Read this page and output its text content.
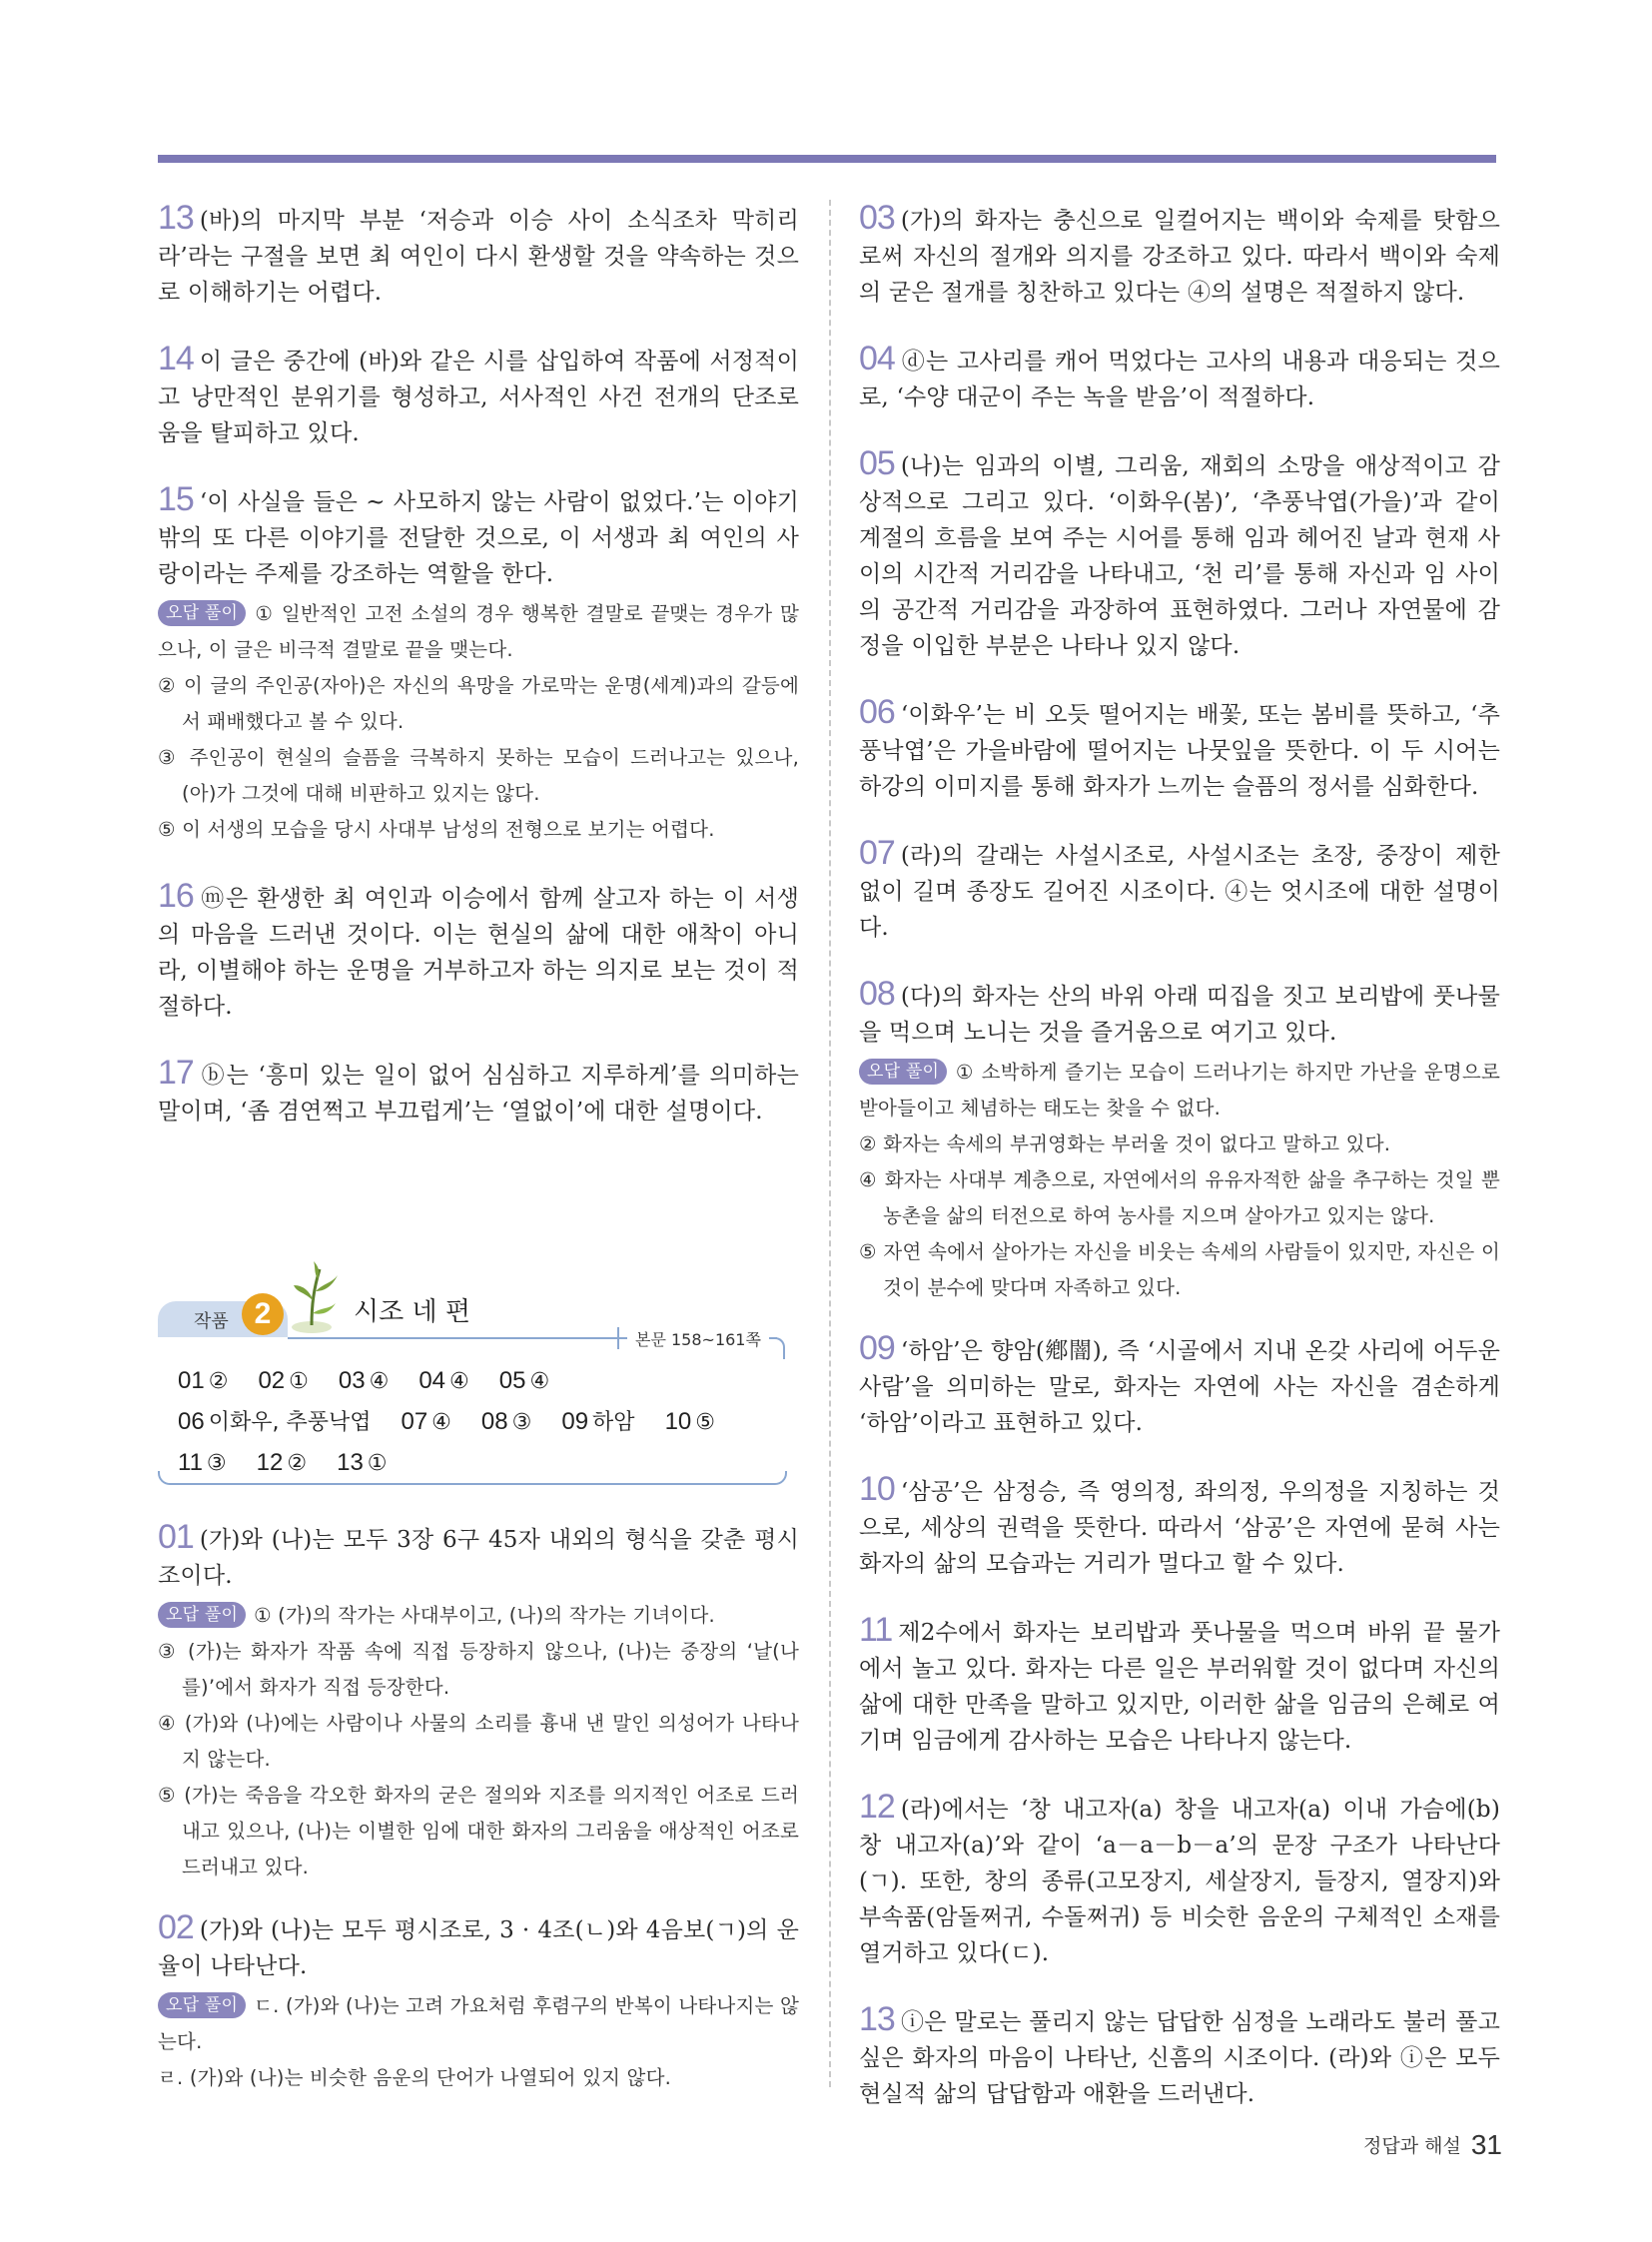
13 (바)의 마지막 부분 ‘저승과 이승 사이 소식조차 막히리라’라는 구절을 보면 최 여인이 다시 환생할 것을 약속하는 것으로 이해하기는 어렵다.
14 이 글은 중간에 (바)와 같은 시를 삽입하여 작품에 서정적이고 낭만적인 분위기를 형성하고, 서사적인 사건 전개의 단조로움을 탈피하고 있다.
15 ‘이 사실을 들은 ~ 사모하지 않는 사람이 없었다.’는 이야기 밖의 또 다른 이야기를 전달한 것으로, 이 서생과 최 여인의 사랑이라는 주제를 강조하는 역할을 한다.
오답 풀이 ① 일반적인 고전 소설의 경우 행복한 결말로 끝맺는 경우가 많으나, 이 글은 비극적 결말로 끝을 맺는다.
② 이 글의 주인공(자아)은 자신의 욕망을 가로막는 운명(세계)과의 갈등에서 패배했다고 볼 수 있다.
③ 주인공이 현실의 슬픔을 극복하지 못하는 모습이 드러나고는 있으나, (아)가 그것에 대해 비판하고 있지는 않다.
⑤ 이 서생의 모습을 당시 사대부 남성의 전형으로 보기는 어렵다.
16 ⓜ은 환생한 최 여인과 이승에서 함께 살고자 하는 이 서생의 마음을 드러낸 것이다. 이는 현실의 삶에 대한 애착이 아니라, 이별해야 하는 운명을 거부하고자 하는 의지로 보는 것이 적절하다.
17 ⓑ는 ‘흥미 있는 일이 없어 심심하고 지루하게’를 의미하는 말이며, ‘좀 겸연쩍고 부끄럽게’는 ‘열없이’에 대한 설명이다.
작품 2	시조 네 편
본문 158~161쪽
01 ② 02 ① 03 ④ 04 ④ 05 ④06 이화우, 추풍낙엽 07 ④ 08 ③ 09 하암 10 ⑤11 ③ 12 ② 13 ①
01 (가)와 (나)는 모두 3장 6구 45자 내외의 형식을 갖춘 평시조이다.
오답 풀이 ① (가)의 작가는 사대부이고, (나)의 작가는 기녀이다.
③ (가)는 화자가 작품 속에 직접 등장하지 않으나, (나)는 중장의 ‘날(나를)’에서 화자가 직접 등장한다.
④ (가)와 (나)에는 사람이나 사물의 소리를 흉내 낸 말인 의성어가 나타나지 않는다.
⑤ (가)는 죽음을 각오한 화자의 굳은 절의와 지조를 의지적인 어조로 드러내고 있으나, (나)는 이별한 임에 대한 화자의 그리움을 애상적인 어조로 드러내고 있다.
02 (가)와 (나)는 모두 평시조로, 3 · 4조(ㄴ)와 4음보(ㄱ)의 운율이 나타난다.
오답 풀이 ㄷ. (가)와 (나)는 고려 가요처럼 후렴구의 반복이 나타나지는 않는다.
ㄹ. (가)와 (나)는 비슷한 음운의 단어가 나열되어 있지 않다.
03 (가)의 화자는 충신으로 일컬어지는 백이와 숙제를 탓함으로써 자신의 절개와 의지를 강조하고 있다. 따라서 백이와 숙제의 굳은 절개를 칭찬하고 있다는 ④의 설명은 적절하지 않다.
04 ⓓ는 고사리를 캐어 먹었다는 고사의 내용과 대응되는 것으로, ‘수양 대군이 주는 녹을 받음’이 적절하다.
05 (나)는 임과의 이별, 그리움, 재회의 소망을 애상적이고 감상적으로 그리고 있다. ‘이화우(봄)’, ‘추풍낙엽(가을)’과 같이 계절의 흐름을 보여 주는 시어를 통해 임과 헤어진 날과 현재 사이의 시간적 거리감을 나타내고, ‘천 리’를 통해 자신과 임 사이의 공간적 거리감을 과장하여 표현하였다. 그러나 자연물에 감정을 이입한 부분은 나타나 있지 않다.
06 ‘이화우’는 비 오듯 떨어지는 배꽃, 또는 봄비를 뜻하고, ‘추풍낙엽’은 가을바람에 떨어지는 나뭇잎을 뜻한다. 이 두 시어는 하강의 이미지를 통해 화자가 느끼는 슬픔의 정서를 심화한다.
07 (라)의 갈래는 사설시조로, 사설시조는 초장, 중장이 제한 없이 길며 종장도 길어진 시조이다. ④는 엇시조에 대한 설명이다.
08 (다)의 화자는 산의 바위 아래 띠집을 짓고 보리밥에 풋나물을 먹으며 노니는 것을 즐거움으로 여기고 있다.
오답 풀이 ① 소박하게 즐기는 모습이 드러나기는 하지만 가난을 운명으로 받아들이고 체념하는 태도는 찾을 수 없다.
② 화자는 속세의 부귀영화는 부러울 것이 없다고 말하고 있다.
④ 화자는 사대부 계층으로, 자연에서의 유유자적한 삶을 추구하는 것일 뿐 농촌을 삶의 터전으로 하여 농사를 지으며 살아가고 있지는 않다.
⑤ 자연 속에서 살아가는 자신을 비웃는 속세의 사람들이 있지만, 자신은 이것이 분수에 맞다며 자족하고 있다.
09 ‘하암’은 향암(鄕闇), 즉 ‘시골에서 지내 온갖 사리에 어두운 사람’을 의미하는 말로, 화자는 자연에 사는 자신을 겸손하게 ‘하암’이라고 표현하고 있다.
10 ‘삼공’은 삼정승, 즉 영의정, 좌의정, 우의정을 지칭하는 것으로, 세상의 권력을 뜻한다. 따라서 ‘삼공’은 자연에 묻혀 사는 화자의 삶의 모습과는 거리가 멀다고 할 수 있다.
11 제2수에서 화자는 보리밥과 풋나물을 먹으며 바위 끝 물가에서 놀고 있다. 화자는 다른 일은 부러워할 것이 없다며 자신의 삶에 대한 만족을 말하고 있지만, 이러한 삶을 임금의 은혜로 여기며 임금에게 감사하는 모습은 나타나지 않는다.
12 (라)에서는 ‘창 내고자(a) 창을 내고자(a) 이내 가슴에(b) 창 내고자(a)’와 같이 ‘a－a－b－a’의 문장 구조가 나타난다(ㄱ). 또한, 창의 종류(고모장지, 세살장지, 들장지, 열장지)와 부속품(암돌쩌귀, 수돌쩌귀) 등 비슷한 음운의 구체적인 소재를 열거하고 있다(ㄷ).
13 ⓘ은 말로는 풀리지 않는 답답한 심정을 노래라도 불러 풀고 싶은 화자의 마음이 나타난, 신흠의 시조이다. (라)와 ⓘ은 모두 현실적 삶의 답답함과 애환을 드러낸다.
정답과 해설 31
